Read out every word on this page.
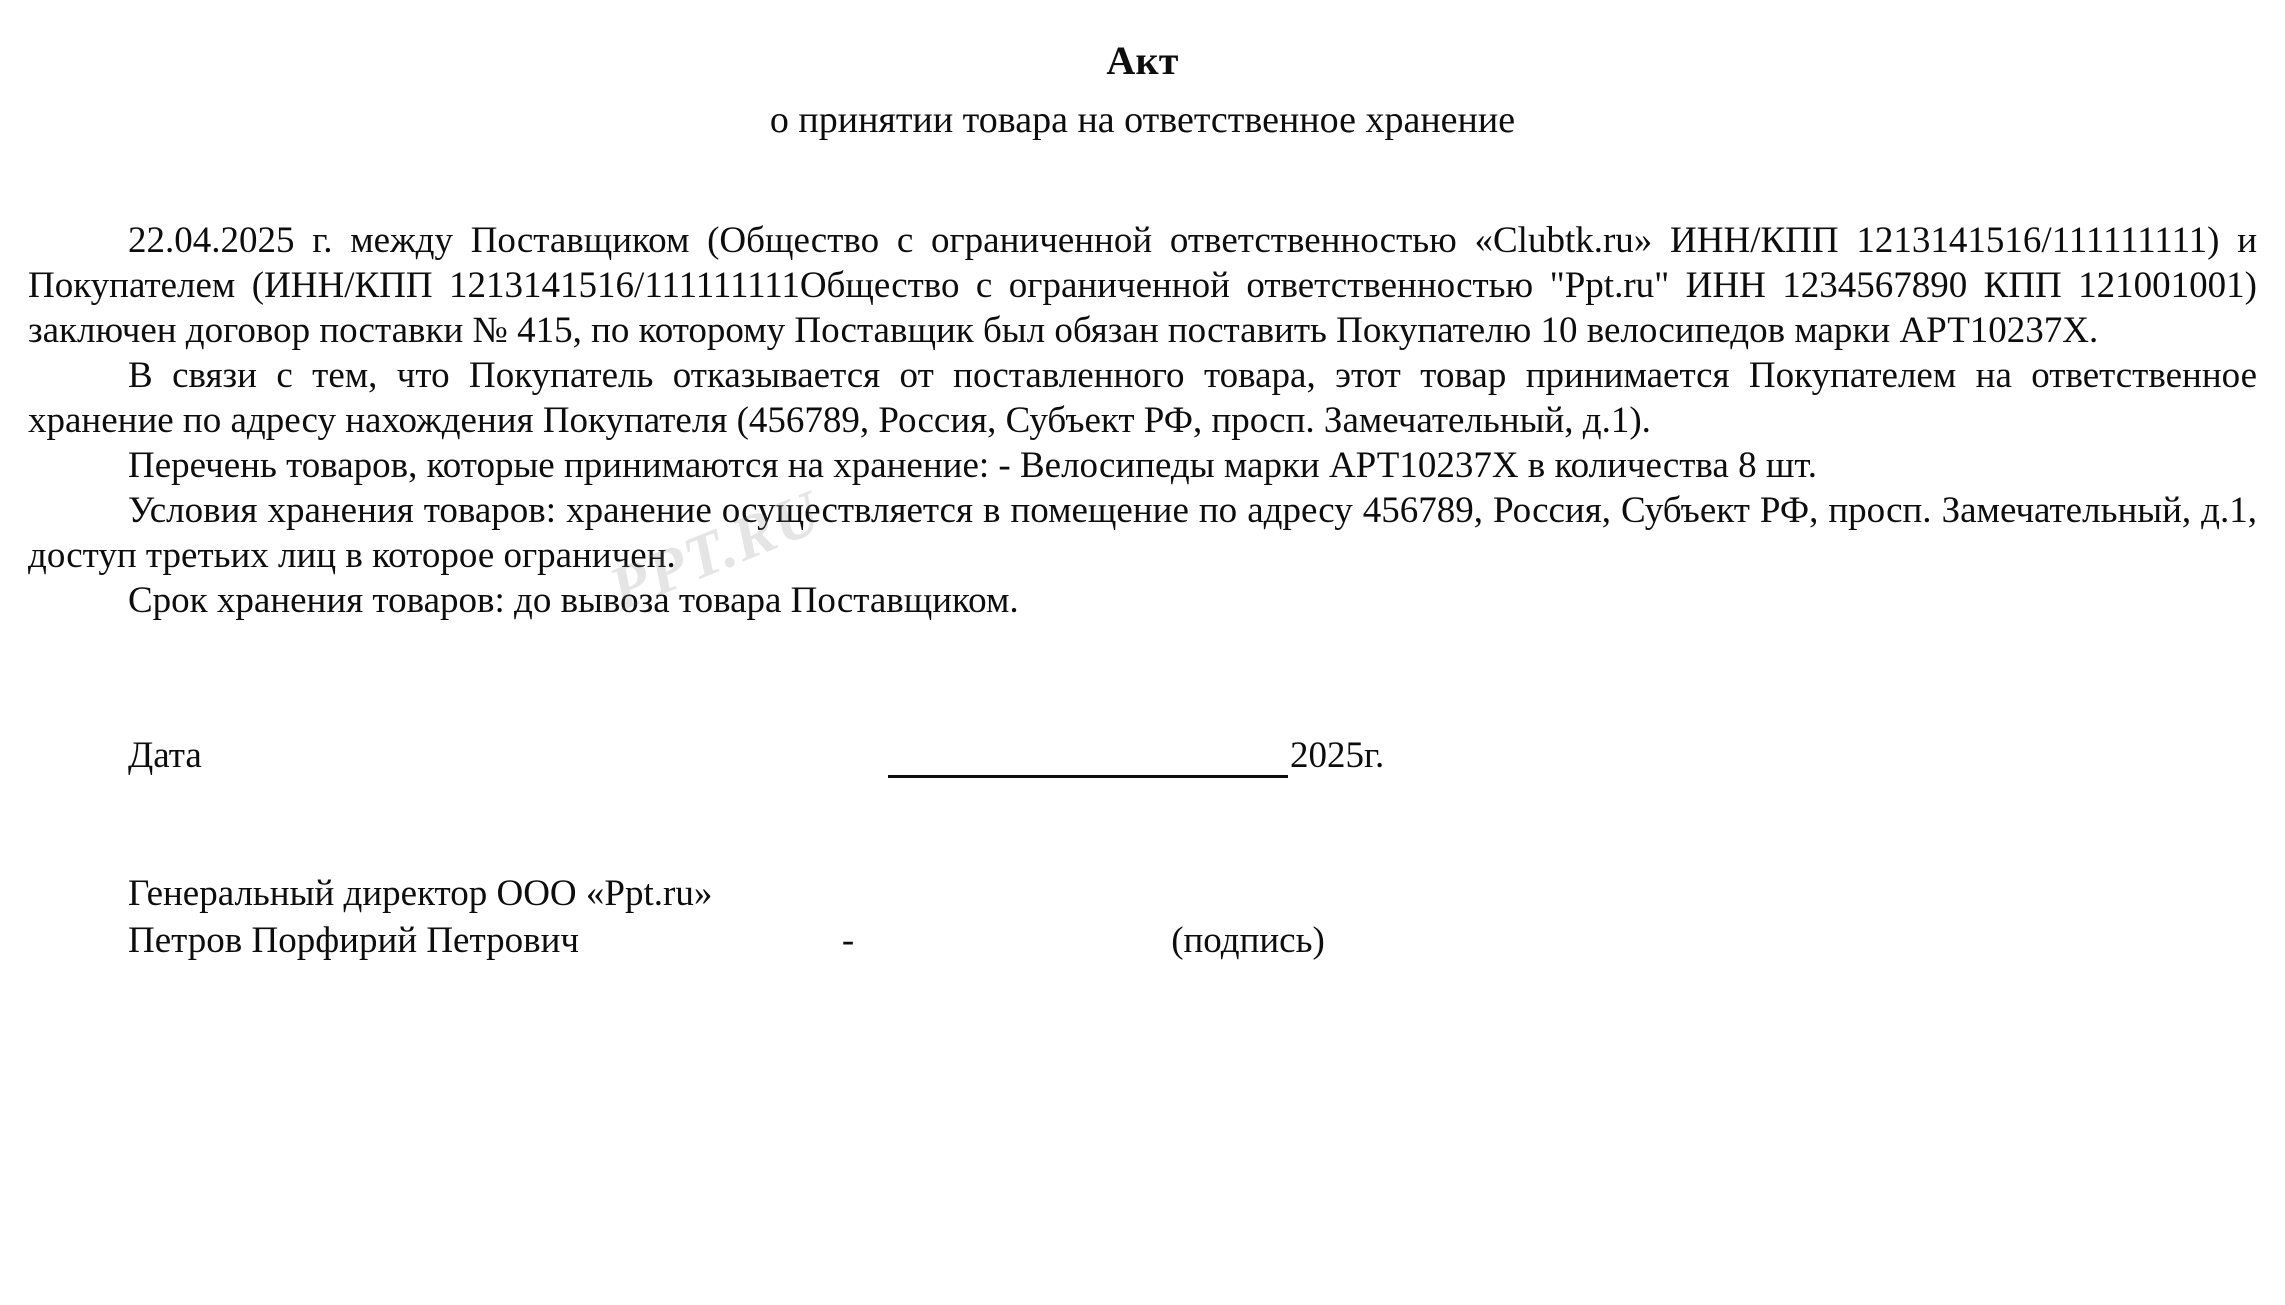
PPT.RU
Акт
о принятии товара на ответственное хранение

22.04.2025 г. между Поставщиком (Общество с ограниченной ответственностью «Clubtk.ru» ИНН/КПП 1213141516/111111111) и Покупателем (ИНН/КПП 1213141516/111111111Общество с ограниченной ответственностью "Ppt.ru" ИНН 1234567890 КПП 121001001) заключен договор поставки № 415, по которому Поставщик был обязан поставить Покупателю 10 велосипедов марки АРТ10237Х.

В связи с тем, что Покупатель отказывается от поставленного товара, этот товар принимается Покупателем на ответственное хранение по адресу нахождения Покупателя (456789, Россия, Субъект РФ, просп. Замечательный, д.1).

Перечень товаров, которые принимаются на хранение: - Велосипеды марки АРТ10237Х в количества 8 шт.

Условия хранения товаров: хранение осуществляется в помещение по адресу 456789, Россия, Субъект РФ, просп. Замечательный, д.1, доступ третьих лиц в которое ограничен.

Срок хранения товаров: до вывоза товара Поставщиком.

Дата	2025г.
Генеральный директор ООО «Ppt.ru»
Петров Порфирий Петрович	-	(подпись)
